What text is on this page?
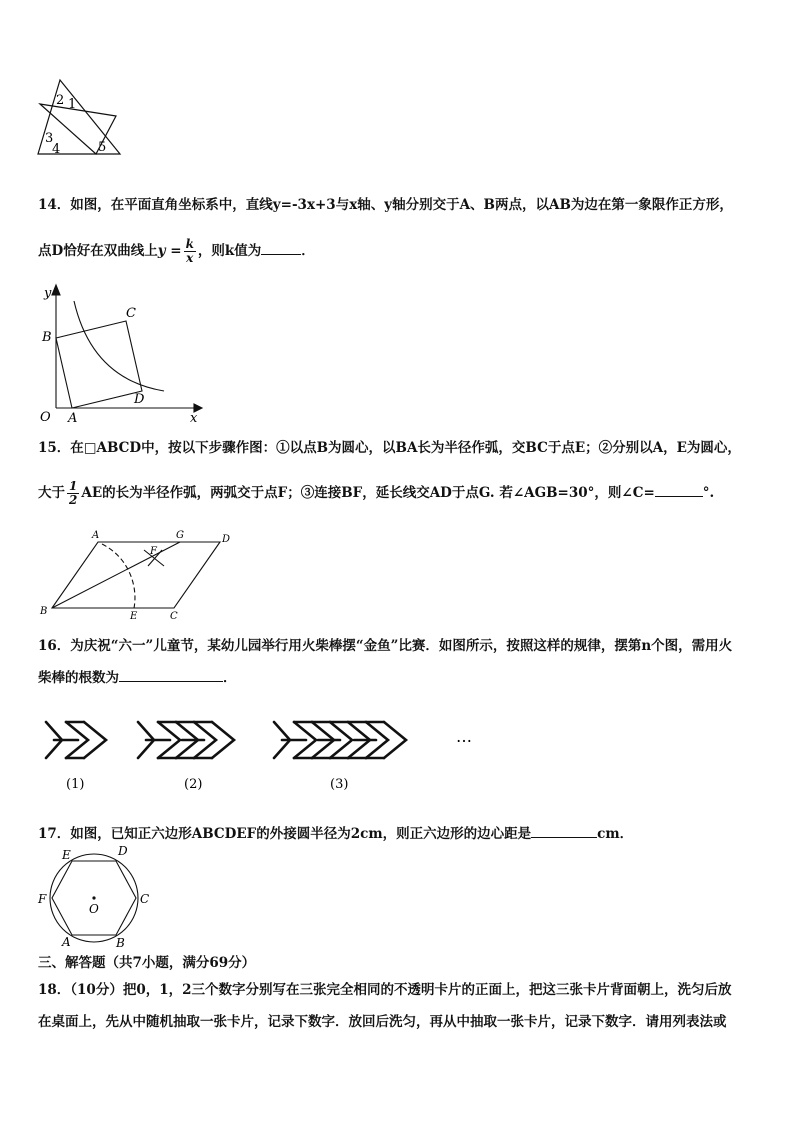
2 1
3
4	5
14．如图，在平面直角坐标系中，直线y=-3x+3与x轴、y轴分别交于A、B两点，以AB为边在第一象限作正方形，
点D恰好在双曲线上$y = \frac{k}{x}$ ，则k值为	．
y
B
C
D
O A	x
15．在□ABCD中，按以下步骤作图：①以点B为圆心，以BA长为半径作弧，交BC于点E；②分别以A，E为圆心，
大于 $\frac{1}{2}$ AE的长为半径作弧，两弧交于点F；③连接BF，延长线交AD于点G. 若∠AGB=30°，则∠C=	°.
A	G	D
F
B	E	C
16．为庆祝“六一”儿童节，某幼儿园举行用火柴棒摆“金鱼”比赛．如图所示，按照这样的规律，摆第n个图，需用火
柴棒的根数为	．
(1)	(2)	(3)
…
17．如图，已知正六边形ABCDEF的外接圆半径为2cm，则正六边形的边心距是	cm．
E	D
F	C
O
A	B
三、解答题（共7小题，满分69分）
18．（10分）把0，1，2三个数字分别写在三张完全相同的不透明卡片的正面上，把这三张卡片背面朝上，洗匀后放
在桌面上，先从中随机抽取一张卡片，记录下数字．放回后洗匀，再从中抽取一张卡片，记录下数字．请用列表法或
